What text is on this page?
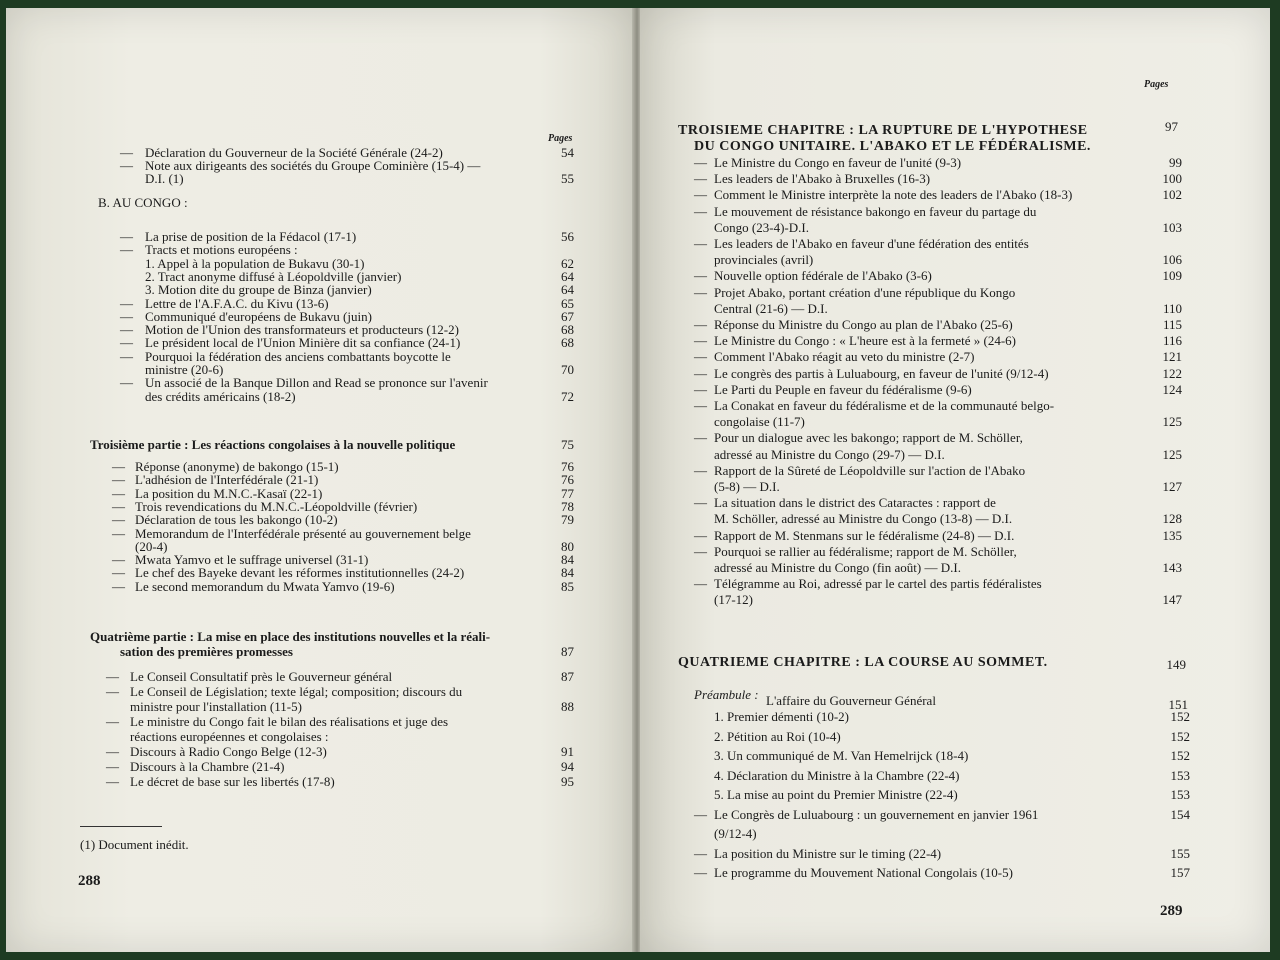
Pages
— Déclaration du Gouverneur de la Société Générale (24-2)	54
— Note aux dirigeants des sociétés du Groupe Cominière (15-4) —
D.I. (1)	55
B. AU CONGO :
— La prise de position de la Fédacol (17-1)	56
— Tracts et motions européens :
1. Appel à la population de Bukavu (30-1)	62
2. Tract anonyme diffusé à Léopoldville (janvier)	64
3. Motion dite du groupe de Binza (janvier)	64
— Lettre de l'A.F.A.C. du Kivu (13-6)	65
— Communiqué d'européens de Bukavu (juin)	67
— Motion de l'Union des transformateurs et producteurs (12-2)	68
— Le président local de l'Union Minière dit sa confiance (24-1)	68
— Pourquoi la fédération des anciens combattants boycotte le
ministre (20-6)	70
— Un associé de la Banque Dillon and Read se prononce sur l'avenir
des crédits américains (18-2)	72
Troisième partie : Les réactions congolaises à la nouvelle politique	75
— Réponse (anonyme) de bakongo (15-1)	76
— L'adhésion de l'Interfédérale (21-1)	76
— La position du M.N.C.-Kasaï (22-1)	77
— Trois revendications du M.N.C.-Léopoldville (février)	78
— Déclaration de tous les bakongo (10-2)	79
— Memorandum de l'Interfédérale présenté au gouvernement belge
(20-4)	80
— Mwata Yamvo et le suffrage universel (31-1)	84
— Le chef des Bayeke devant les réformes institutionnelles (24-2)	84
— Le second memorandum du Mwata Yamvo (19-6)	85
Quatrième partie : La mise en place des institutions nouvelles et la réali-
sation des premières promesses	87
— Le Conseil Consultatif près le Gouverneur général	87
— Le Conseil de Législation; texte légal; composition; discours du
ministre pour l'installation (11-5)	88
— Le ministre du Congo fait le bilan des réalisations et juge des
réactions européennes et congolaises :
— Discours à Radio Congo Belge (12-3)	91
— Discours à la Chambre (21-4)	94
— Le décret de base sur les libertés (17-8)	95
(1) Document inédit.
288
Pages
TROISIEME CHAPITRE : LA RUPTURE DE L'HYPOTHESE
DU CONGO UNITAIRE. L'ABAKO ET LE FÉDÉRALISME.
97
— Le Ministre du Congo en faveur de l'unité (9-3)	99
— Les leaders de l'Abako à Bruxelles (16-3)	100
— Comment le Ministre interprète la note des leaders de l'Abako (18-3)	102
— Le mouvement de résistance bakongo en faveur du partage du
Congo (23-4)-D.I.	103
— Les leaders de l'Abako en faveur d'une fédération des entités
provinciales (avril)	106
— Nouvelle option fédérale de l'Abako (3-6)	109
— Projet Abako, portant création d'une république du Kongo
Central (21-6) — D.I.	110
— Réponse du Ministre du Congo au plan de l'Abako (25-6)	115
— Le Ministre du Congo : « L'heure est à la fermeté » (24-6)	116
— Comment l'Abako réagit au veto du ministre (2-7)	121
— Le congrès des partis à Luluabourg, en faveur de l'unité (9/12-4)	122
— Le Parti du Peuple en faveur du fédéralisme (9-6)	124
— La Conakat en faveur du fédéralisme et de la communauté belgo-
congolaise (11-7)	125
— Pour un dialogue avec les bakongo; rapport de M. Schöller,
adressé au Ministre du Congo (29-7) — D.I.	125
— Rapport de la Sûreté de Léopoldville sur l'action de l'Abako
(5-8) — D.I.	127
— La situation dans le district des Cataractes : rapport de
M. Schöller, adressé au Ministre du Congo (13-8) — D.I.	128
— Rapport de M. Stenmans sur le fédéralisme (24-8) — D.I.	135
— Pourquoi se rallier au fédéralisme; rapport de M. Schöller,
adressé au Ministre du Congo (fin août) — D.I.	143
— Télégramme au Roi, adressé par le cartel des partis fédéralistes
(17-12)	147
QUATRIEME CHAPITRE : LA COURSE AU SOMMET.	149
Préambule : L'affaire du Gouverneur Général	151
1. Premier démenti (10-2)	152
2. Pétition au Roi (10-4)	152
3. Un communiqué de M. Van Hemelrijck (18-4)	152
4. Déclaration du Ministre à la Chambre (22-4)	153
5. La mise au point du Premier Ministre (22-4)	153
— Le Congrès de Luluabourg : un gouvernement en janvier 1961	154
(9/12-4)
— La position du Ministre sur le timing (22-4)	155
— Le programme du Mouvement National Congolais (10-5)	157
289
